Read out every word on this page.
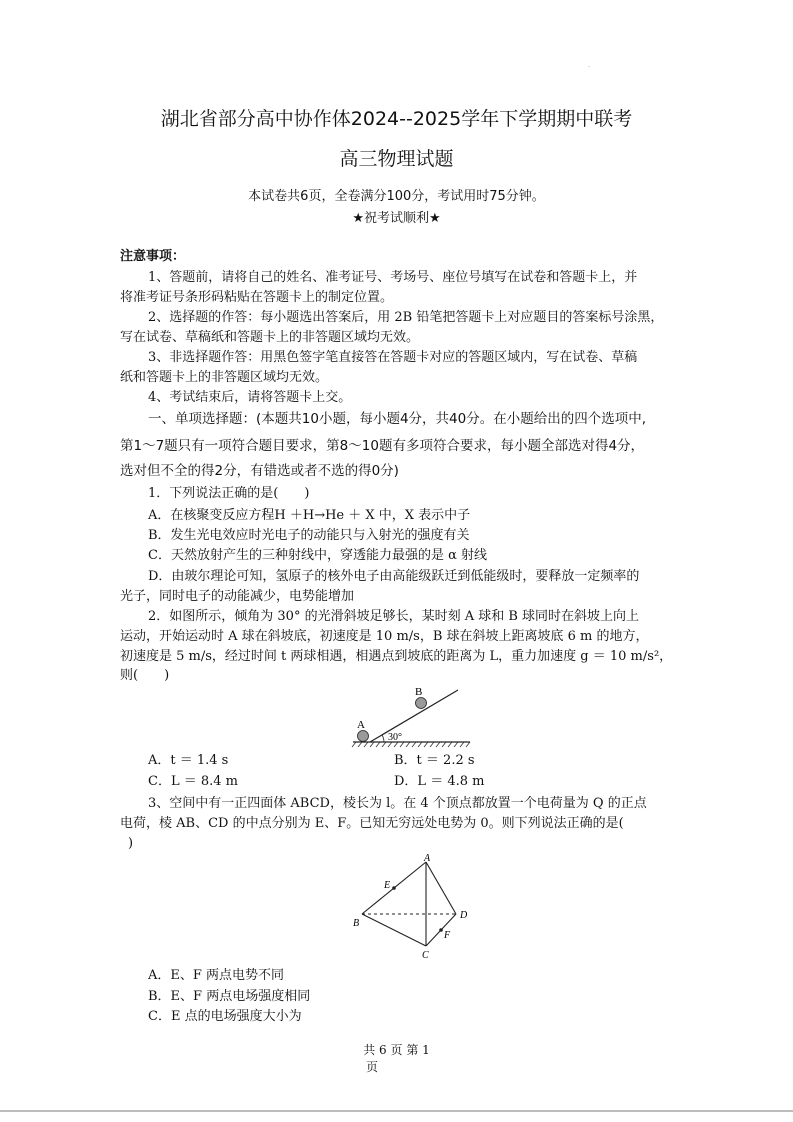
.
湖北省部分高中协作体2024--2025学年下学期期中联考
高三物理试题
本试卷共6页，全卷满分100分，考试用时75分钟。
★祝考试顺利★
注意事项：
1、答题前，请将自己的姓名、准考证号、考场号、座位号填写在试卷和答题卡上，并
将准考证号条形码粘贴在答题卡上的制定位置。
2、选择题的作答：每小题选出答案后，用 2B 铅笔把答题卡上对应题目的答案标号涂黑，
写在试卷、草稿纸和答题卡上的非答题区域均无效。
3、非选择题作答：用黑色签字笔直接答在答题卡对应的答题区域内，写在试卷、草稿
纸和答题卡上的非答题区域均无效。
4、考试结束后，请将答题卡上交。
一、单项选择题：(本题共10小题，每小题4分，共40分。在小题给出的四个选项中,
第1～7题只有一项符合题目要求，第8～10题有多项符合要求，每小题全部选对得4分，
选对但不全的得2分，有错选或者不选的得0分)
1．下列说法正确的是(　　)
A．在核聚变反应方程H ＋H→He ＋ X 中，X 表示中子
B．发生光电效应时光电子的动能只与入射光的强度有关
C．天然放射产生的三种射线中，穿透能力最强的是 α 射线
D．由玻尔理论可知，氢原子的核外电子由高能级跃迁到低能级时，要释放一定频率的
光子，同时电子的动能减少，电势能增加
2．如图所示，倾角为 30° 的光滑斜坡足够长，某时刻 A 球和 B 球同时在斜坡上向上
运动，开始运动时 A 球在斜坡底，初速度是 10 m/s，B 球在斜坡上距离坡底 6 m 的地方，
初速度是 5 m/s，经过时间 t 两球相遇，相遇点到坡底的距离为 L，重力加速度 g ＝ 10 m/s²，
则(　　)
A
B
30°
A．t ＝ 1.4 s	B．t ＝ 2.2 s
C．L ＝ 8.4 m	D．L ＝ 4.8 m
3、空间中有一正四面体 ABCD，棱长为 l。在 4 个顶点都放置一个电荷量为 Q 的正点
电荷，棱 AB、CD 的中点分别为 E、F。已知无穷远处电势为 0。则下列说法正确的是(
)
A
B
C
D
E
F
A．E、F 两点电势不同
B．E、F 两点电场强度相同
C．E 点的电场强度大小为
共 6 页 第 1
页
